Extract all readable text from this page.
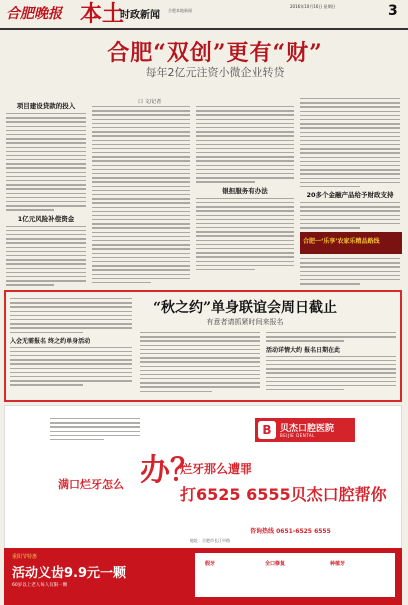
合肥晚报 本土
时政新闻 合肥本地新闻
2016年10月16日 星期日	3
合肥“双创”更有“财”
每年2亿元注资小微企业转贷
口 文/记者
项目建设贷款的投入
1亿元风险补偿资金
银担服务有办法
20多个金融产品给予财政支持
合肥一‘乐享’农家乐精品路线
“秋之约”单身联谊会周日截止
有意者请抓紧时间来报名
入会无需报名 终之约单身活动
活动详情大约 报名日期在此
B 贝杰口腔医院
BEIJIE DENTAL
满口烂牙怎么 办？
烂牙那么遭罪
打6525 6555贝杰口腔帮你
咨询热线 0651-6525 6555
地址：合肥市长江中路
重阳节特惠
活动义齿9.9元一颗
60岁以上老人每人仅限一颗
假牙	全口修复	种植牙
